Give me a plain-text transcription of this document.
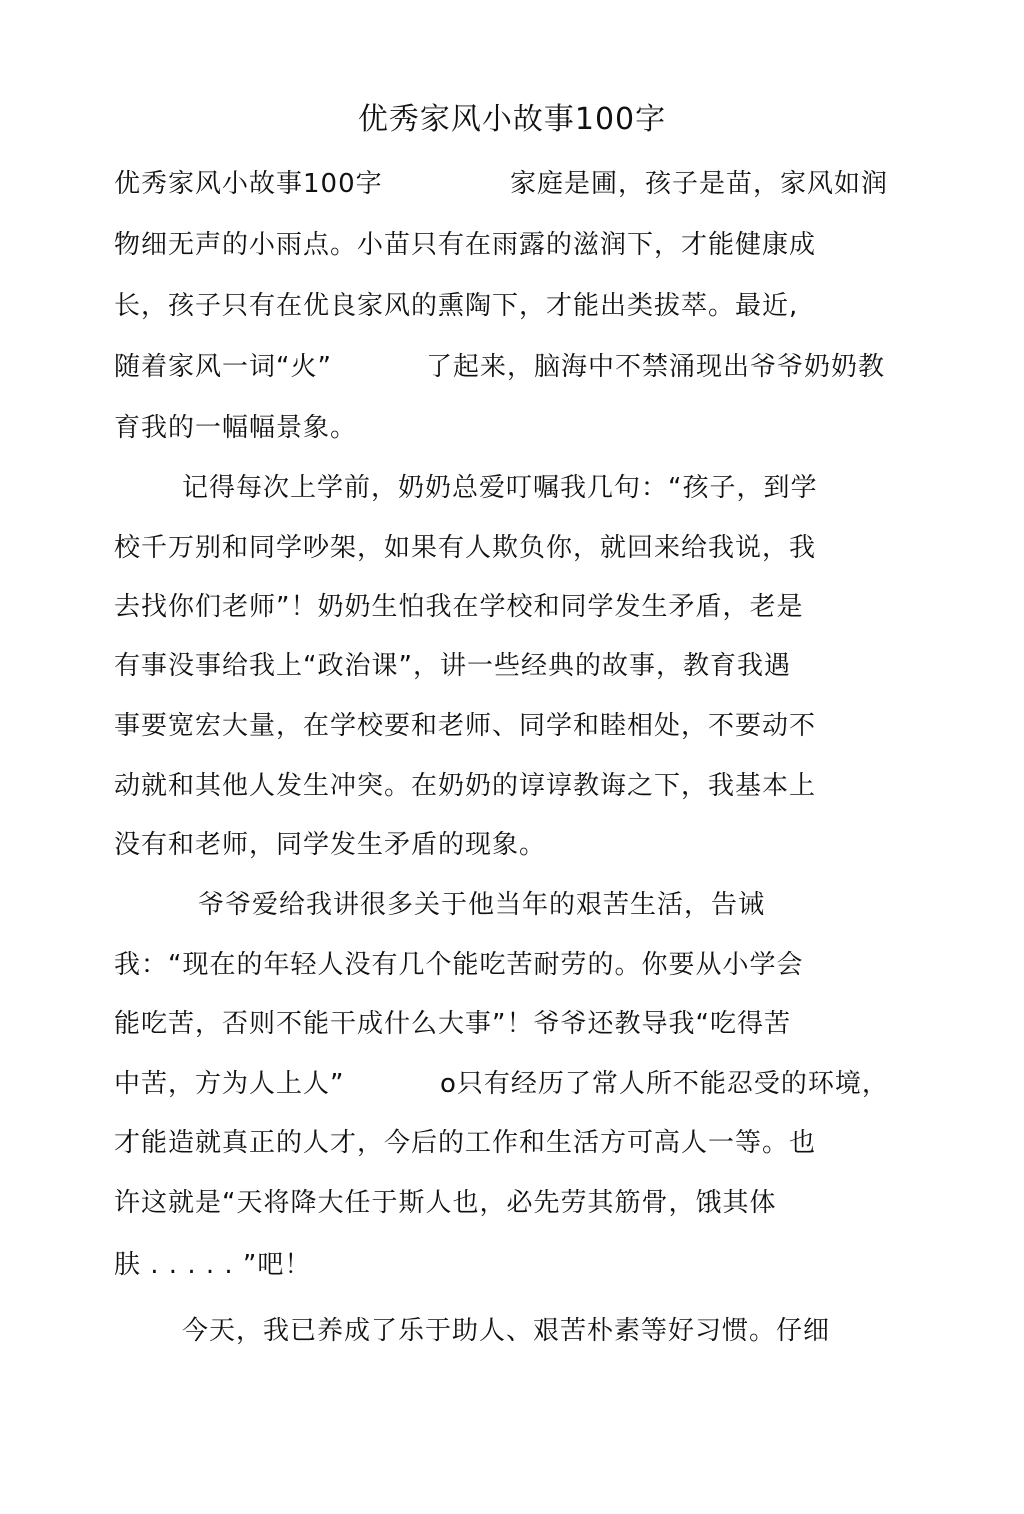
优秀家风小故事100字
优秀家风小故事100字	家庭是圃，孩子是苗，家风如润
物细无声的小雨点。小苗只有在雨露的滋润下，才能健康成
长，孩子只有在优良家风的熏陶下，才能出类拔萃。最近,
随着家风一词“火”	了起来，脑海中不禁涌现出爷爷奶奶教
育我的一幅幅景象。
记得每次上学前，奶奶总爱叮嘱我几句：“孩子，到学
校千万别和同学吵架，如果有人欺负你，就回来给我说，我
去找你们老师”！奶奶生怕我在学校和同学发生矛盾，老是
有事没事给我上“政治课”，讲一些经典的故事，教育我遇
事要宽宏大量，在学校要和老师、同学和睦相处，不要动不
动就和其他人发生冲突。在奶奶的谆谆教诲之下，我基本上
没有和老师，同学发生矛盾的现象。
爷爷爱给我讲很多关于他当年的艰苦生活，告诫
我：“现在的年轻人没有几个能吃苦耐劳的。你要从小学会
能吃苦，否则不能干成什么大事”！爷爷还教导我“吃得苦
中苦，方为人上人”	o只有经历了常人所不能忍受的环境，
才能造就真正的人才，今后的工作和生活方可高人一等。也
许这就是“天将降大任于斯人也，必先劳其筋骨，饿其体
肤 . . . . . ”吧！
今天，我已养成了乐于助人、艰苦朴素等好习惯。仔细
